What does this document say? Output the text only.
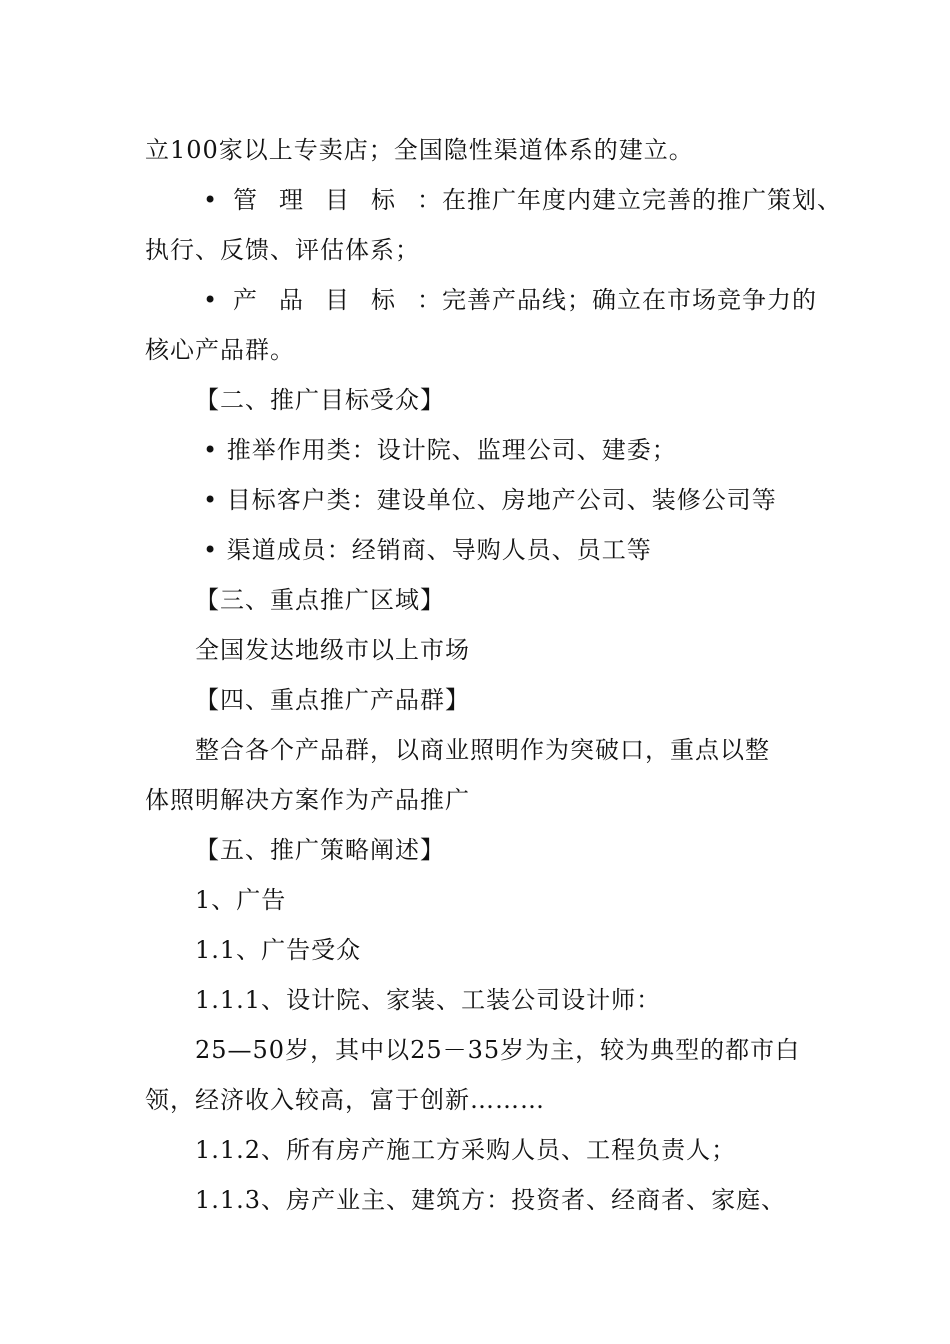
立100家以上专卖店；全国隐性渠道体系的建立。
• 管理目标：在推广年度内建立完善的推广策划、
执行、反馈、评估体系；
• 产品目标：完善产品线；确立在市场竞争力的
核心产品群。
【二、推广目标受众】
• 推举作用类：设计院、监理公司、建委；
• 目标客户类：建设单位、房地产公司、装修公司等
• 渠道成员：经销商、导购人员、员工等
【三、重点推广区域】
全国发达地级市以上市场
【四、重点推广产品群】
整合各个产品群，以商业照明作为突破口，重点以整
体照明解决方案作为产品推广
【五、推广策略阐述】
1、广告
1.1、广告受众
1.1.1、设计院、家装、工装公司设计师：
25—50岁，其中以25－35岁为主，较为典型的都市白
领，经济收入较高，富于创新………
1.1.2、所有房产施工方采购人员、工程负责人；
1.1.3、房产业主、建筑方：投资者、经商者、家庭、
